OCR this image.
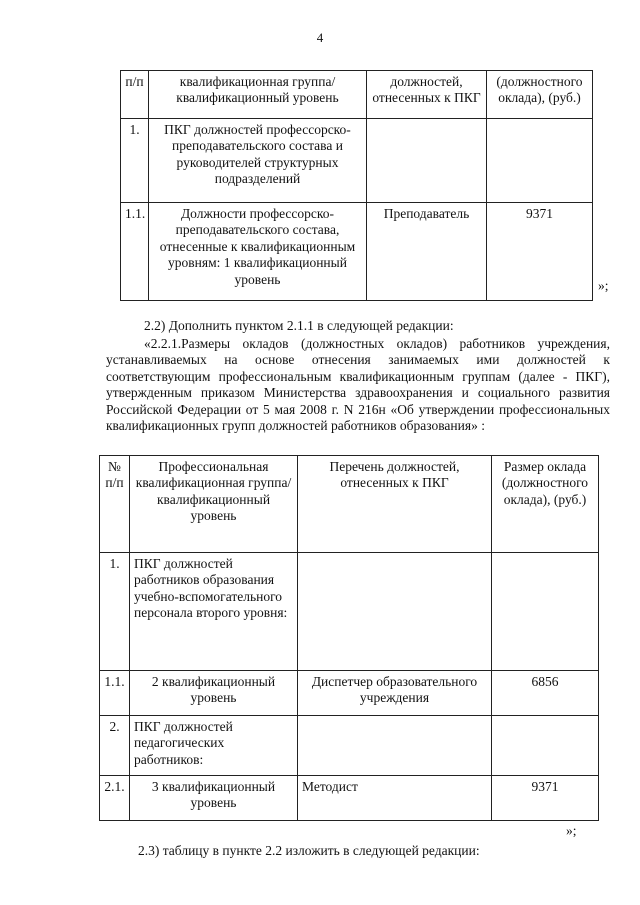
4
п/п	квалификационная группа/ квалификационный уровень	должностей, отнесенных к ПКГ	(должностного оклада), (руб.)
1.	ПКГ должностей профессорско-преподавательского состава и руководителей структурных подразделений		
1.1.	Должности профессорско-преподавательского состава, отнесенные к квалификационным уровням: 1 квалификационный уровень	Преподаватель	9371
»;
2.2) Дополнить пунктом 2.1.1 в следующей редакции:
«2.2.1.Размеры окладов (должностных окладов) работников учреждения, устанавливаемых на основе отнесения занимаемых ими должностей к соответствующим профессиональным квалификационным группам (далее - ПКГ), утвержденным приказом Министерства здравоохранения и социального развития Российской Федерации от 5 мая 2008 г. N 216н «Об утверждении профессиональных квалификационных групп должностей работников образования» :
№ п/п	Профессиональная квалификационная группа/ квалификационный уровень	Перечень должностей, отнесенных к ПКГ	Размер оклада (должностного оклада), (руб.)
1.	ПКГ должностей работников образования учебно-вспомогательного персонала второго уровня:		
1.1.	2 квалификационный уровень	Диспетчер образовательного учреждения	6856
2.	ПКГ должностей педагогических работников:		
2.1.	3 квалификационный уровень	Методист	9371
»;
2.3) таблицу в пункте 2.2 изложить в следующей редакции:
